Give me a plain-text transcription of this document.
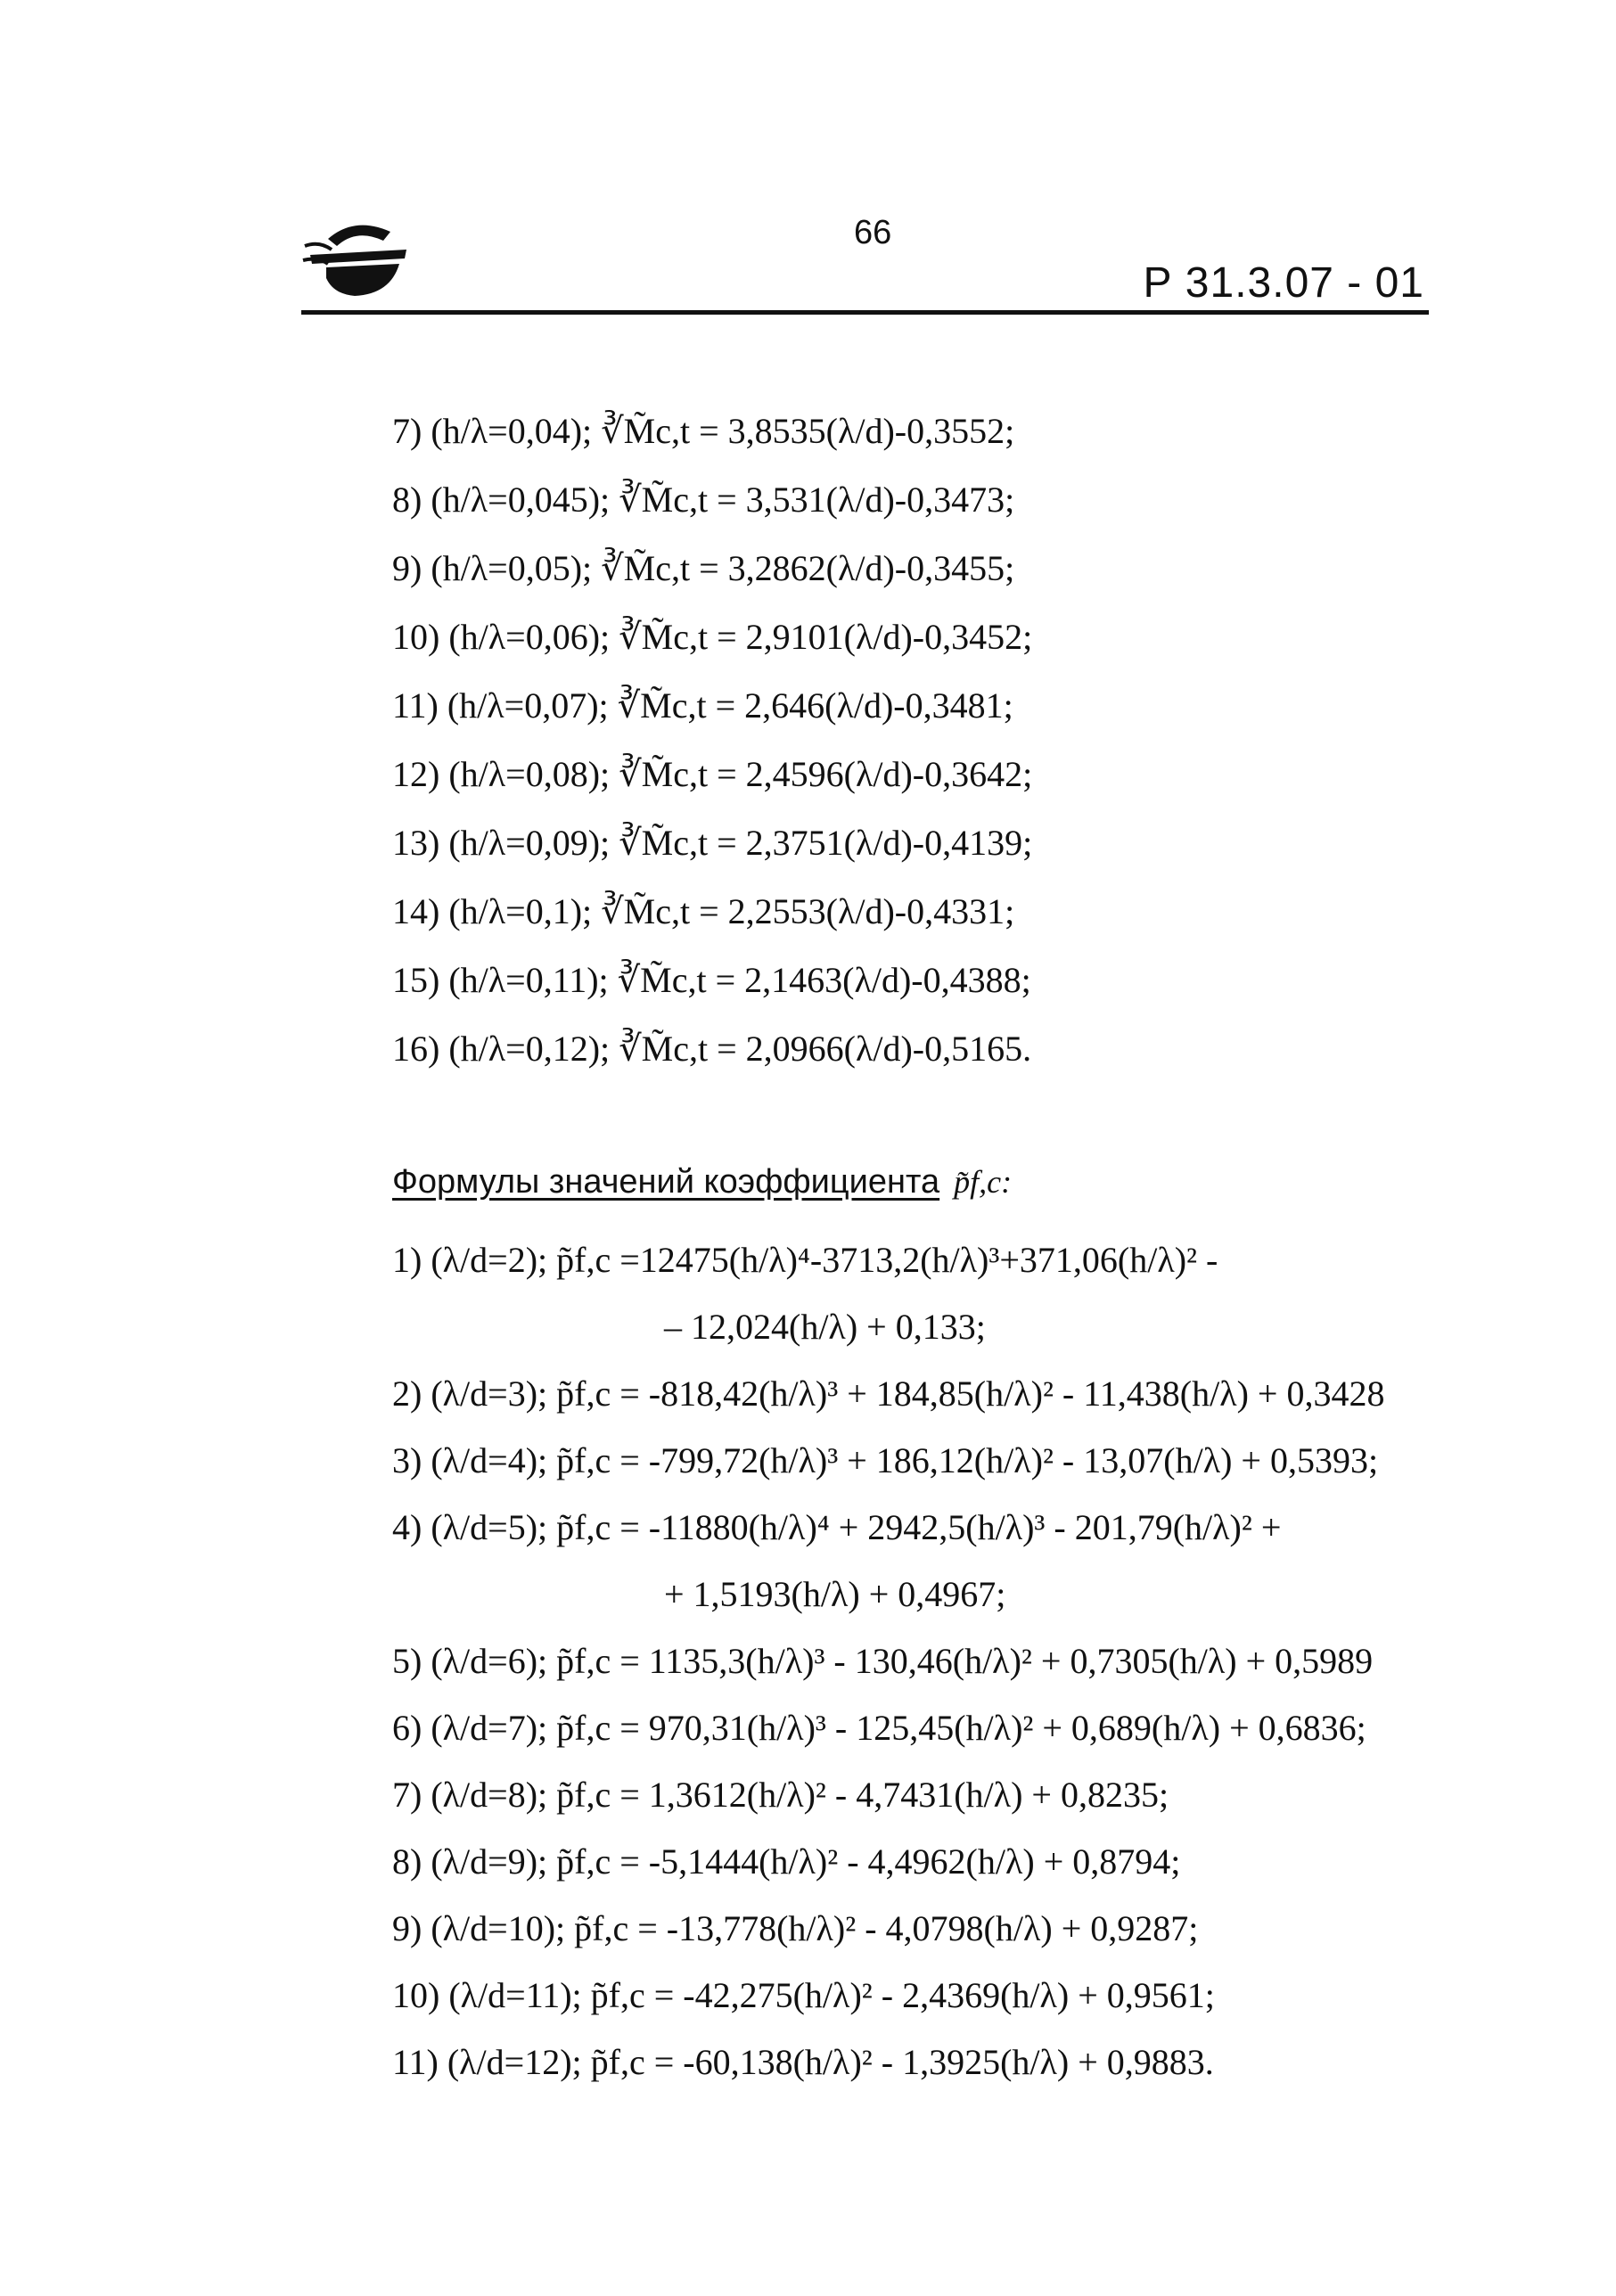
66
Р 31.3.07 - 01
7) (h/λ=0,04); ∛M̃c,t = 3,8535(λ/d)-0,3552;
8) (h/λ=0,045); ∛M̃c,t = 3,531(λ/d)-0,3473;
9) (h/λ=0,05); ∛M̃c,t = 3,2862(λ/d)-0,3455;
10) (h/λ=0,06); ∛M̃c,t = 2,9101(λ/d)-0,3452;
11) (h/λ=0,07); ∛M̃c,t = 2,646(λ/d)-0,3481;
12) (h/λ=0,08); ∛M̃c,t = 2,4596(λ/d)-0,3642;
13) (h/λ=0,09); ∛M̃c,t = 2,3751(λ/d)-0,4139;
14) (h/λ=0,1); ∛M̃c,t = 2,2553(λ/d)-0,4331;
15) (h/λ=0,11); ∛M̃c,t = 2,1463(λ/d)-0,4388;
16) (h/λ=0,12); ∛M̃c,t = 2,0966(λ/d)-0,5165.
Формулы значений коэффициента p̃f,c:
1) (λ/d=2); p̃f,c =12475(h/λ)⁴-3713,2(h/λ)³+371,06(h/λ)² -
– 12,024(h/λ) + 0,133;
2) (λ/d=3); p̃f,c = -818,42(h/λ)³ + 184,85(h/λ)² - 11,438(h/λ) + 0,3428
3) (λ/d=4); p̃f,c = -799,72(h/λ)³ + 186,12(h/λ)² - 13,07(h/λ) + 0,5393;
4) (λ/d=5); p̃f,c = -11880(h/λ)⁴ + 2942,5(h/λ)³ - 201,79(h/λ)² +
+ 1,5193(h/λ) + 0,4967;
5) (λ/d=6); p̃f,c = 1135,3(h/λ)³ - 130,46(h/λ)² + 0,7305(h/λ) + 0,5989
6) (λ/d=7); p̃f,c = 970,31(h/λ)³ - 125,45(h/λ)² + 0,689(h/λ) + 0,6836;
7) (λ/d=8); p̃f,c = 1,3612(h/λ)² - 4,7431(h/λ) + 0,8235;
8) (λ/d=9); p̃f,c = -5,1444(h/λ)² - 4,4962(h/λ) + 0,8794;
9) (λ/d=10); p̃f,c = -13,778(h/λ)² - 4,0798(h/λ) + 0,9287;
10) (λ/d=11); p̃f,c = -42,275(h/λ)² - 2,4369(h/λ) + 0,9561;
11) (λ/d=12); p̃f,c = -60,138(h/λ)² - 1,3925(h/λ) + 0,9883.
